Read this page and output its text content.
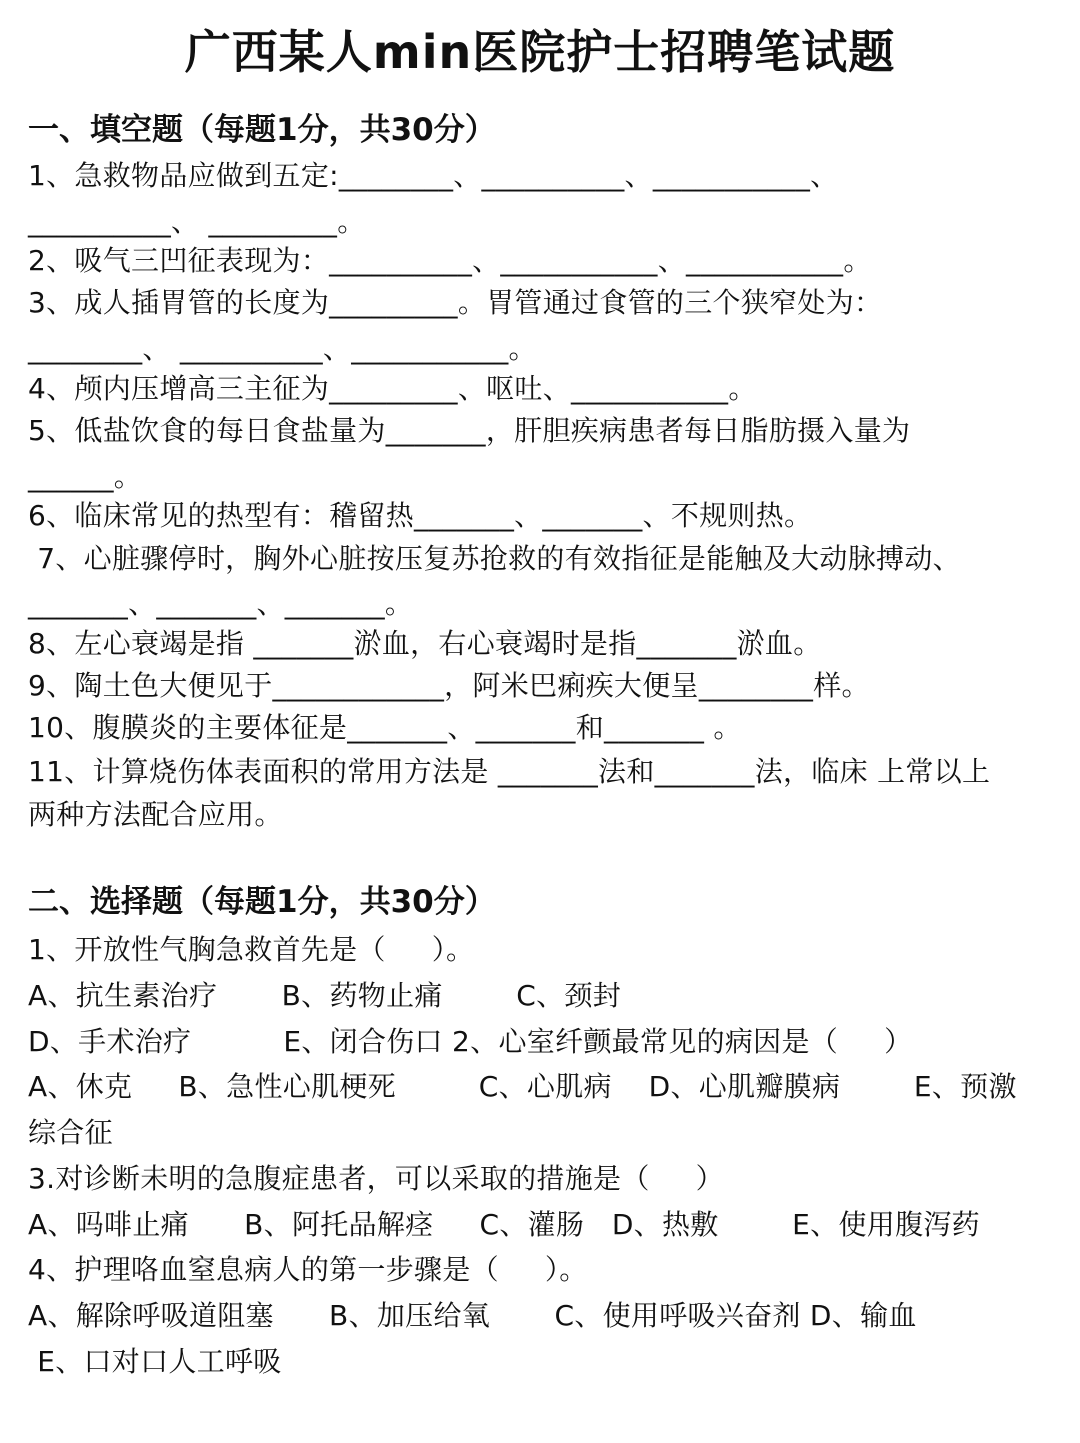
广西某人min医院护士招聘笔试题
一、填空题（每题1分，共30分）
1、急救物品应做到五定:________、__________、___________、
__________、 _________。
2、吸气三凹征表现为：__________、___________、___________。
3、成人插胃管的长度为_________。胃管通过食管的三个狭窄处为：
________、 __________、___________。
4、颅内压增高三主征为_________、呕吐、___________。
5、低盐饮食的每日食盐量为_______，肝胆疾病患者每日脂肪摄入量为
______。
6、临床常见的热型有：稽留热_______、_______、不规则热。
7、心脏骤停时，胸外心脏按压复苏抢救的有效指征是能触及大动脉搏动、
_______、_______、_______。
8、左心衰竭是指 _______淤血，右心衰竭时是指_______淤血。
9、陶土色大便见于____________，阿米巴痢疾大便呈________样。
10、腹膜炎的主要体征是_______、_______和_______ 。
11、计算烧伤体表面积的常用方法是 _______法和_______法，临床 上常以上
两种方法配合应用。
二、选择题（每题1分，共30分）
1、开放性气胸急救首先是（     ）。
A、抗生素治疗       B、药物止痛        C、颈封
D、手术治疗          E、闭合伤口 2、心室纤颤最常见的病因是（     ）
A、休克     B、急性心肌梗死         C、心肌病    D、心肌瓣膜病        E、预激
综合征
3.对诊断未明的急腹症患者，可以采取的措施是（     ）
A、吗啡止痛      B、阿托品解痉     C、灌肠   D、热敷        E、使用腹泻药
4、护理咯血窒息病人的第一步骤是（     ）。
A、解除呼吸道阻塞      B、加压给氧       C、使用呼吸兴奋剂 D、输血
E、口对口人工呼吸
